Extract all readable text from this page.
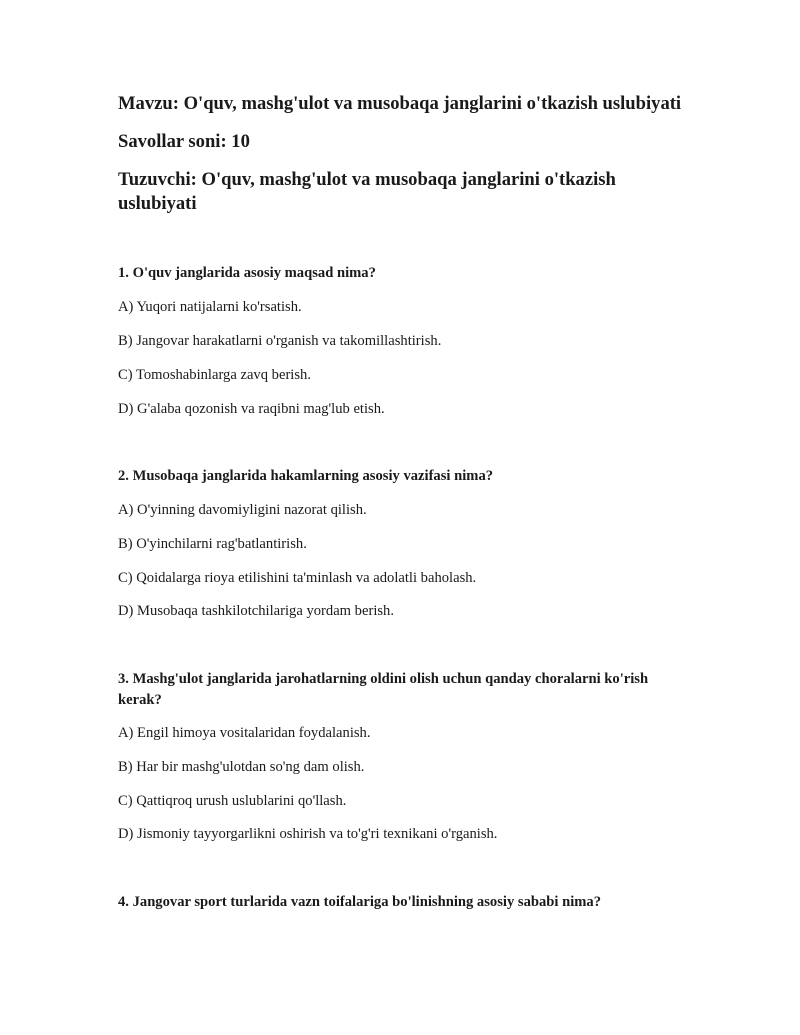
Mavzu: O'quv, mashg'ulot va musobaqa janglarini o'tkazish uslubiyati

Savollar soni: 10

Tuzuvchi: O'quv, mashg'ulot va musobaqa janglarini o'tkazish uslubiyati

1. O'quv janglarida asosiy maqsad nima?

A) Yuqori natijalarni ko'rsatish.

B) Jangovar harakatlarni o'rganish va takomillashtirish.

C) Tomoshabinlarga zavq berish.

D) G'alaba qozonish va raqibni mag'lub etish.

2. Musobaqa janglarida hakamlarning asosiy vazifasi nima?

A) O'yinning davomiyligini nazorat qilish.

B) O'yinchilarni rag'batlantirish.

C) Qoidalarga rioya etilishini ta'minlash va adolatli baholash.

D) Musobaqa tashkilotchilariga yordam berish.

3. Mashg'ulot janglarida jarohatlarning oldini olish uchun qanday choralarni ko'rish kerak?

A) Engil himoya vositalaridan foydalanish.

B) Har bir mashg'ulotdan so'ng dam olish.

C) Qattiqroq urush uslublarini qo'llash.

D) Jismoniy tayyorgarlikni oshirish va to'g'ri texnikani o'rganish.

4. Jangovar sport turlarida vazn toifalariga bo'linishning asosiy sababi nima?
